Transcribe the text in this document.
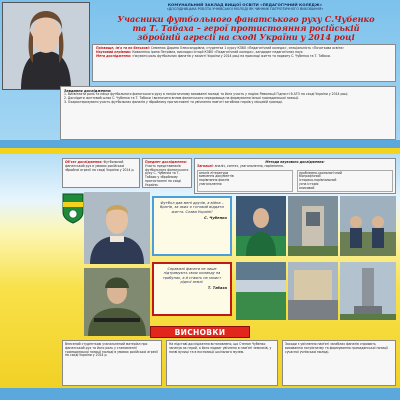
КОМУНАЛЬНИЙ ЗАКЛАД ВИЩОЇ ОСВІТИ «ПЕДАГОГІЧНИЙ КОЛЕДЖ»

«ДОСЛІДНИЦЬКА РОБОТА УЧНІВСЬКОЇ МОЛОДІ ЯК ЧИННИК ПАТРІОТИЧНОГО ВИХОВАННЯ»

Учасники футбольного фанатського руху С.Чубенко
та Т. Табаха – герої протистояння російській
збройній агресії на сході України у 2014 році

Прізвище, ім'я та по батькові: Семенюк Дарина Олександрівна, студентка 1 курсу КЗВО «Педагогічний коледж», спеціальність «Початкова освіта»

Науковий керівник: Коваленко Ірина Петрівна, викладач історії КЗВО «Педагогічний коледж», кандидат педагогічних наук

Мета дослідження: з'ясувати роль футбольних фанатів у захисті України у 2014 році на прикладі життя та подвигу С. Чубенка та Т. Табахи.

Завдання дослідження:

1. Висвітлити роль та місце футбольного фанатського руху в патріотичному вихованні молоді та його участь у подіях Революції Гідності й АТО на сході України у 2014 році.

2. Дослідити життєвий шлях С. Чубенка та Т. Табахи і визначити вплив фанатського середовища на формування їхньої громадянської позиції.

3. Охарактеризувати участь футбольних фанатів у збройному протистоянні та увічнення пам'яті загиблих героїв у місцевій громаді.

Об'єкт дослідження: Футбольний фанатський рух в умовах російської збройної агресії на сході України у 2014 р.

Предмет дослідження: Участь представників футбольного фанатського руху С. Чубенка та Т. Табахи у збройному протистоянні на сході України.

Методи наукового дослідження:

Загальні: аналіз, синтез, узагальнення, порівняння.

аналіз літератури

вивчення документів

порівняння фактів

узагальнення

проблемно-хронологічний

біографічний

історико-порівняльний

усна історія

описовий

Футбол дав мені друзів, а війна – братів, за яких я готовий віддати життя. Слава Україні!

С. Чубенко

Справжні фанати не лише підтримують свою команду на трибунах, а й стають на захист рідної землі.

Т. Табаха

ВИСНОВКИ

Внесений студенткою узагальнений матеріал про фанатський рух та його роль у становленні громадянської позиції молоді в умовах російської агресії на сході України у 2014 р.

На підставі дослідження встановлено, що Степан Чубенко загинув як герой, а його подвиг увічнено в пам'яті земляків, у назві вулиці та в експозиції шкільного музею.

Заходи з увічнення пам'яті загиблих фанатів сприяють вихованню патріотизму та формуванню громадянської позиції сучасної учнівської молоді.
